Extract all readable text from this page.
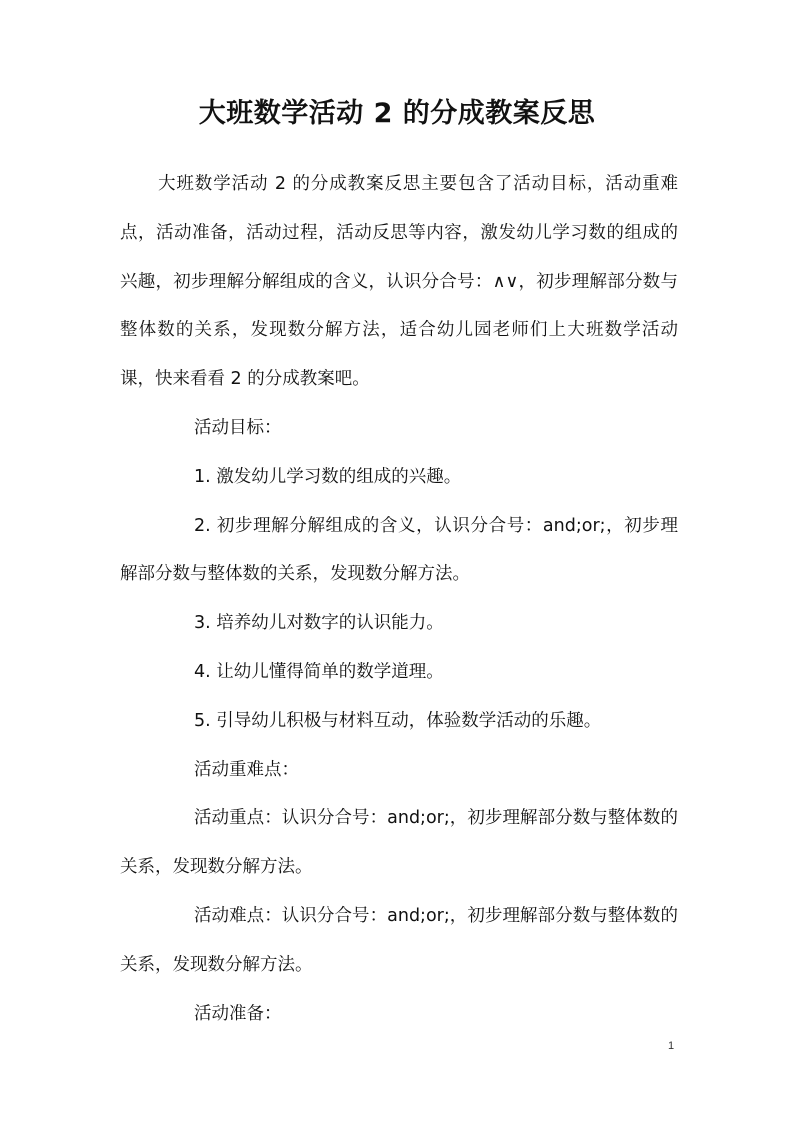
大班数学活动 2 的分成教案反思

大班数学活动 2 的分成教案反思主要包含了活动目标，活动重难点，活动准备，活动过程，活动反思等内容，激发幼儿学习数的组成的兴趣，初步理解分解组成的含义，认识分合号：∧∨，初步理解部分数与整体数的关系，发现数分解方法，适合幼儿园老师们上大班数学活动课，快来看看 2 的分成教案吧。

活动目标：

1. 激发幼儿学习数的组成的兴趣。

2. 初步理解分解组成的含义，认识分合号：and;or;，初步理解部分数与整体数的关系，发现数分解方法。

3. 培养幼儿对数字的认识能力。

4. 让幼儿懂得简单的数学道理。

5. 引导幼儿积极与材料互动，体验数学活动的乐趣。

活动重难点：

活动重点：认识分合号：and;or;，初步理解部分数与整体数的关系，发现数分解方法。

活动难点：认识分合号：and;or;，初步理解部分数与整体数的关系，发现数分解方法。

活动准备：

1
